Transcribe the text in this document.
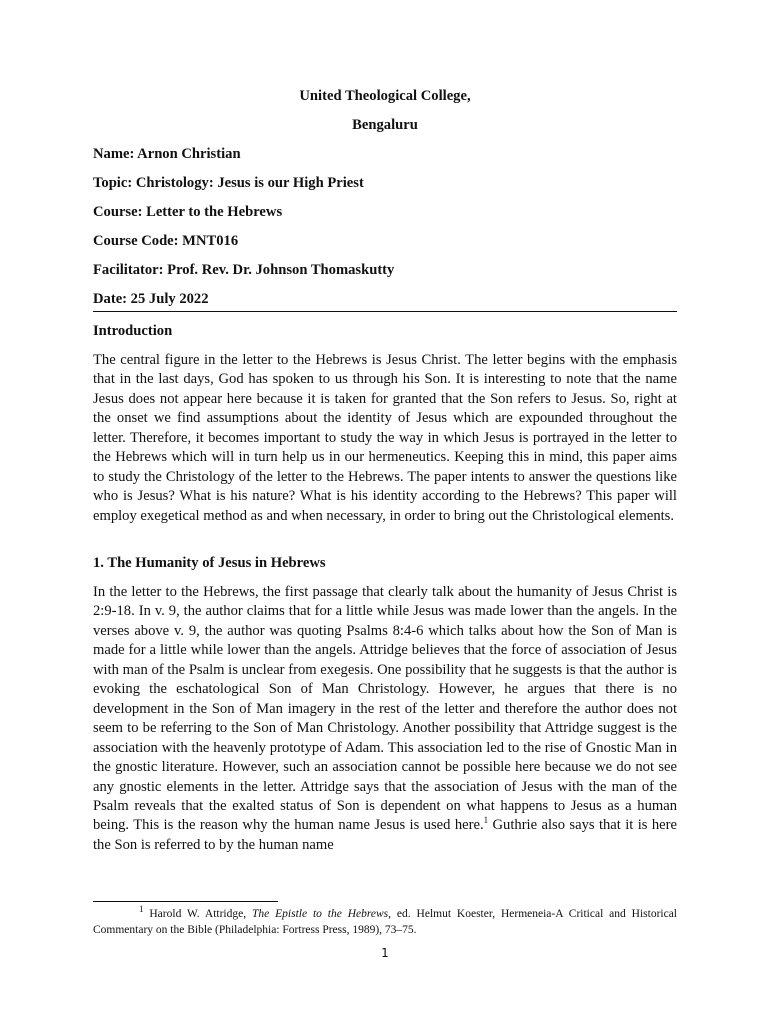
United Theological College,
Bengaluru
Name: Arnon Christian
Topic: Christology: Jesus is our High Priest
Course: Letter to the Hebrews
Course Code: MNT016
Facilitator: Prof. Rev. Dr. Johnson Thomaskutty
Date: 25 July 2022
Introduction
The central figure in the letter to the Hebrews is Jesus Christ. The letter begins with the emphasis that in the last days, God has spoken to us through his Son. It is interesting to note that the name Jesus does not appear here because it is taken for granted that the Son refers to Jesus. So, right at the onset we find assumptions about the identity of Jesus which are expounded throughout the letter. Therefore, it becomes important to study the way in which Jesus is portrayed in the letter to the Hebrews which will in turn help us in our hermeneutics. Keeping this in mind, this paper aims to study the Christology of the letter to the Hebrews. The paper intents to answer the questions like who is Jesus? What is his nature? What is his identity according to the Hebrews? This paper will employ exegetical method as and when necessary, in order to bring out the Christological elements.
1. The Humanity of Jesus in Hebrews
In the letter to the Hebrews, the first passage that clearly talk about the humanity of Jesus Christ is 2:9-18. In v. 9, the author claims that for a little while Jesus was made lower than the angels. In the verses above v. 9, the author was quoting Psalms 8:4-6 which talks about how the Son of Man is made for a little while lower than the angels. Attridge believes that the force of association of Jesus with man of the Psalm is unclear from exegesis. One possibility that he suggests is that the author is evoking the eschatological Son of Man Christology. However, he argues that there is no development in the Son of Man imagery in the rest of the letter and therefore the author does not seem to be referring to the Son of Man Christology. Another possibility that Attridge suggest is the association with the heavenly prototype of Adam. This association led to the rise of Gnostic Man in the gnostic literature. However, such an association cannot be possible here because we do not see any gnostic elements in the letter. Attridge says that the association of Jesus with the man of the Psalm reveals that the exalted status of Son is dependent on what happens to Jesus as a human being. This is the reason why the human name Jesus is used here.$^1$ Guthrie also says that it is here the Son is referred to by the human name
$^1$ Harold W. Attridge, The Epistle to the Hebrews, ed. Helmut Koester, Hermeneia-A Critical and Historical Commentary on the Bible (Philadelphia: Fortress Press, 1989), 73–75.
1
